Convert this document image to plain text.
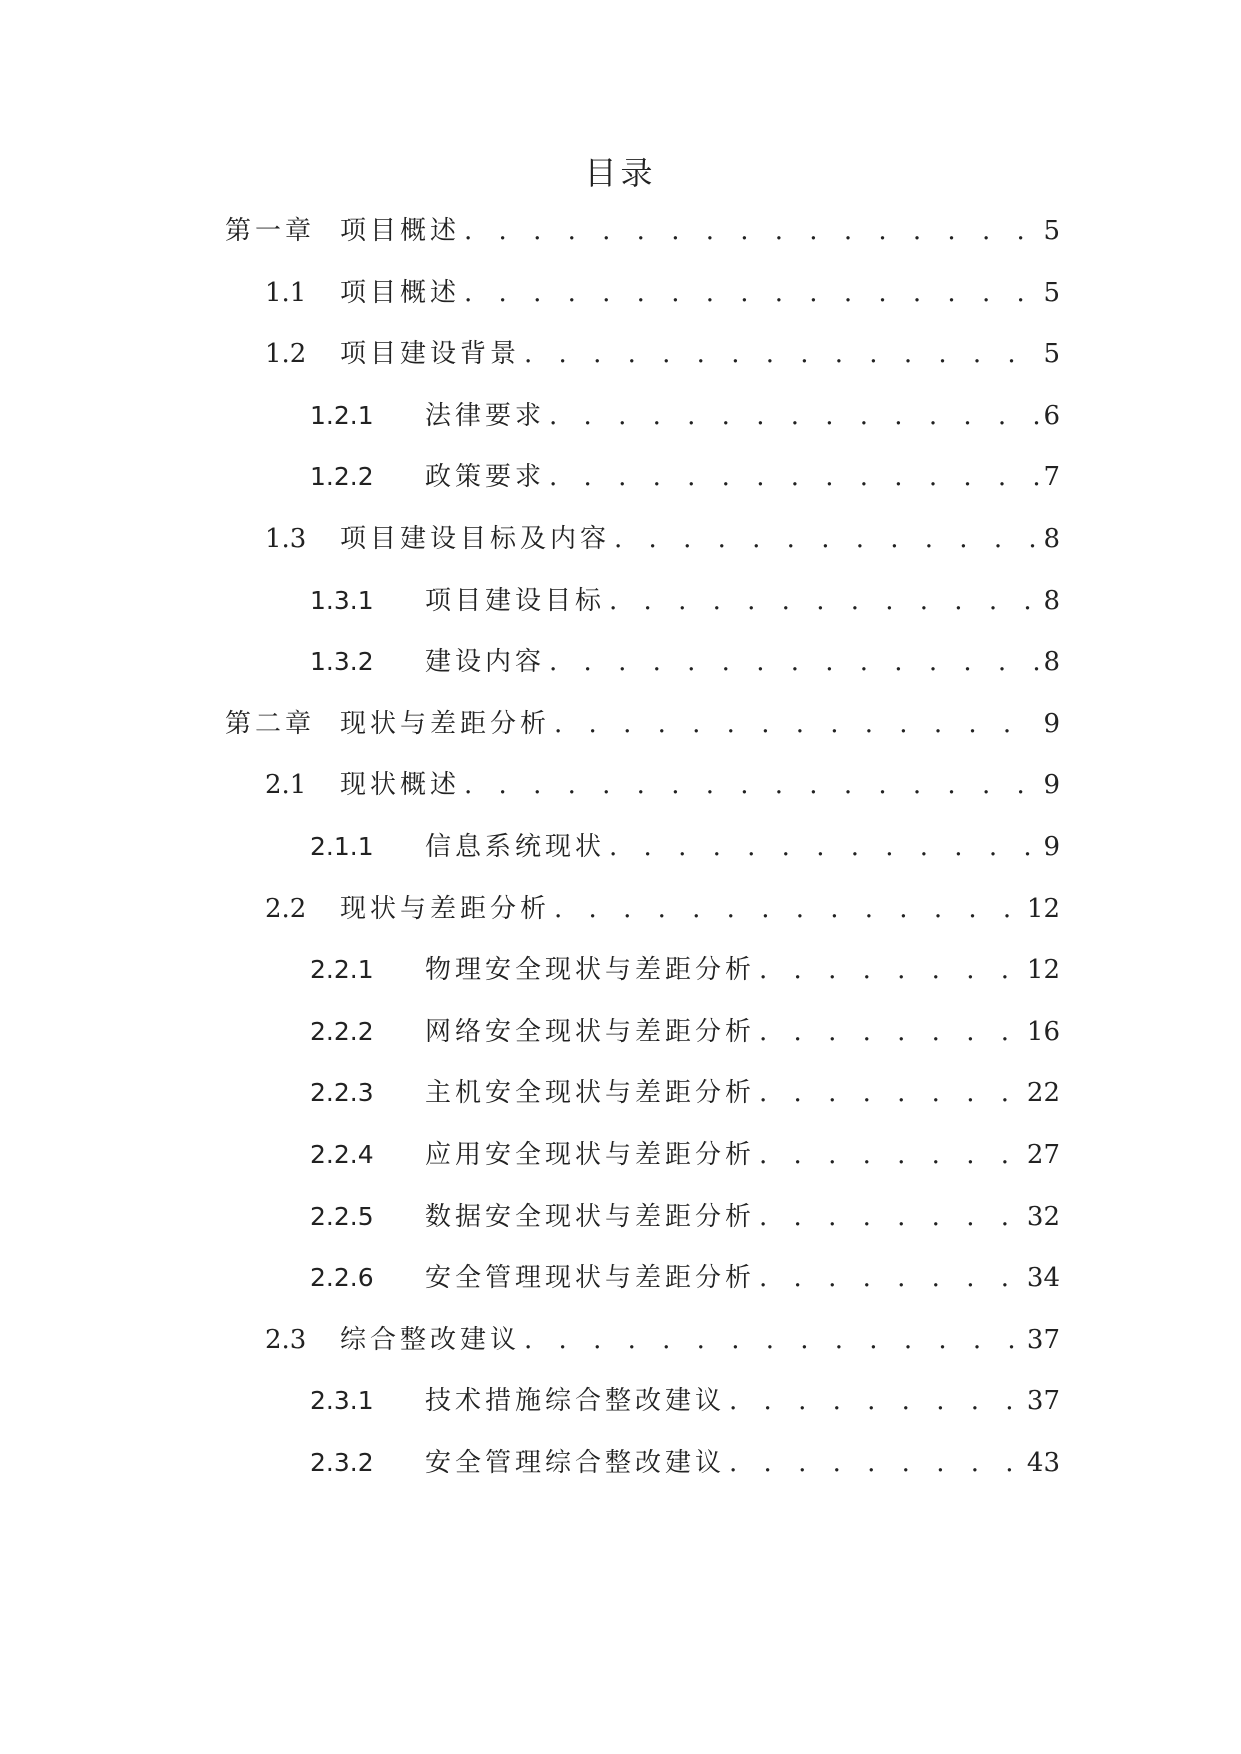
目录
第一章 项目概述 . . .	5
1.1	项目概述 . . .	5
1.2	项目建设背景 . . .	5
1.2.1	法律要求 . . .	6
1.2.2	政策要求 . . .	7
1.3	项目建设目标及内容 . . .	8
1.3.1	项目建设目标 . . .	8
1.3.2	建设内容 . . .	8
第二章 现状与差距分析 . . .	9
2.1	现状概述 . . .	9
2.1.1	信息系统现状 . . .	9
2.2	现状与差距分析 . . .	12
2.2.1	物理安全现状与差距分析 . . .	12
2.2.2	网络安全现状与差距分析 . . .	16
2.2.3	主机安全现状与差距分析 . . .	22
2.2.4	应用安全现状与差距分析 . . .	27
2.2.5	数据安全现状与差距分析 . . .	32
2.2.6	安全管理现状与差距分析 . . .	34
2.3	综合整改建议 . . .	37
2.3.1	技术措施综合整改建议 . . .	37
2.3.2	安全管理综合整改建议 . . .	43
